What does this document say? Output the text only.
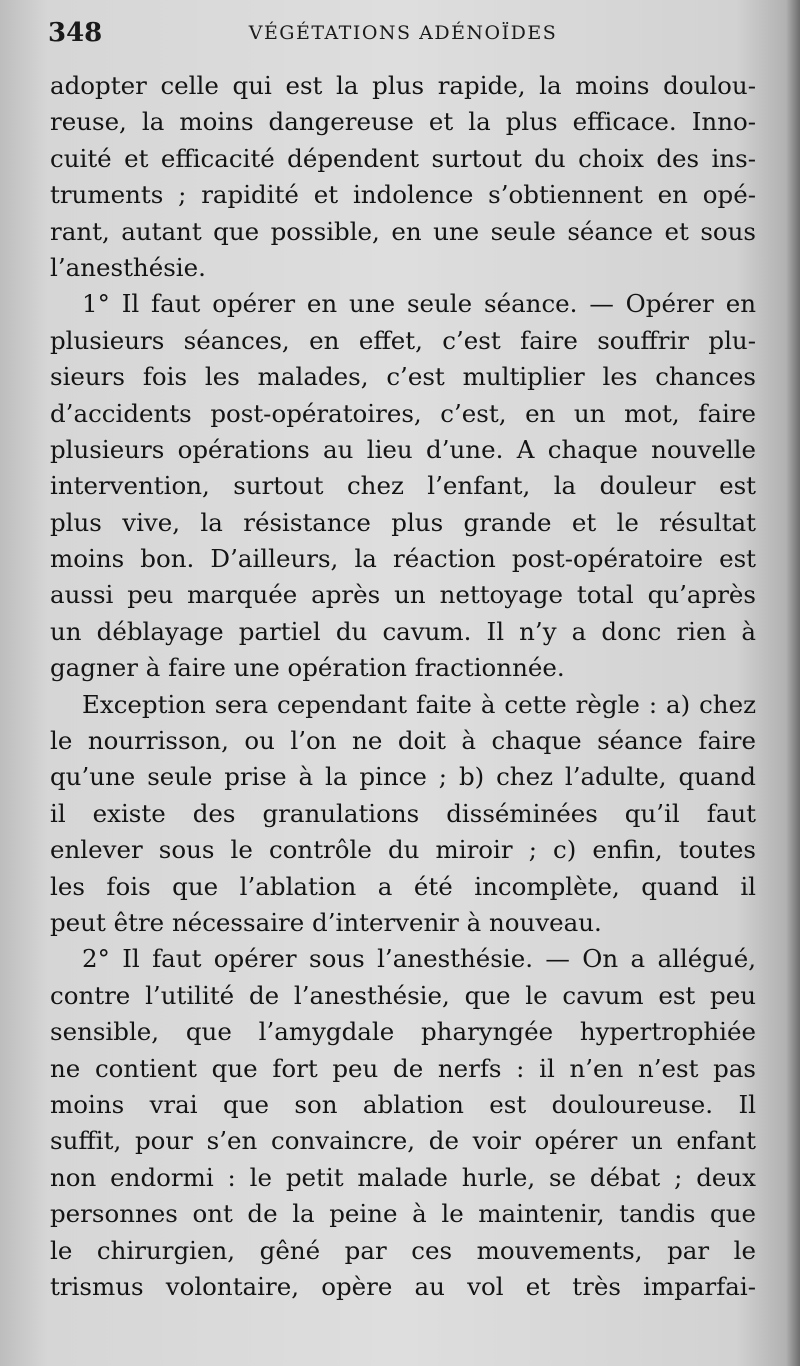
348	VÉGÉTATIONS ADÉNOÏDES
adopter celle qui est la plus rapide, la moins doulou-
reuse, la moins dangereuse et la plus efficace. Inno-
cuité et efficacité dépendent surtout du choix des ins-
truments ; rapidité et indolence s’obtiennent en opé-
rant, autant que possible, en une seule séance et sous
l’anesthésie.
1° Il faut opérer en une seule séance. — Opérer en
plusieurs séances, en effet, c’est faire souffrir plu-
sieurs fois les malades, c’est multiplier les chances
d’accidents post-opératoires, c’est, en un mot, faire
plusieurs opérations au lieu d’une. A chaque nouvelle
intervention, surtout chez l’enfant, la douleur est
plus vive, la résistance plus grande et le résultat
moins bon. D’ailleurs, la réaction post-opératoire est
aussi peu marquée après un nettoyage total qu’après
un déblayage partiel du cavum. Il n’y a donc rien à
gagner à faire une opération fractionnée.
Exception sera cependant faite à cette règle : a) chez
le nourrisson, ou l’on ne doit à chaque séance faire
qu’une seule prise à la pince ; b) chez l’adulte, quand
il existe des granulations disséminées qu’il faut
enlever sous le contrôle du miroir ; c) enfin, toutes
les fois que l’ablation a été incomplète, quand il
peut être nécessaire d’intervenir à nouveau.
2° Il faut opérer sous l’anesthésie. — On a allégué,
contre l’utilité de l’anesthésie, que le cavum est peu
sensible, que l’amygdale pharyngée hypertrophiée
ne contient que fort peu de nerfs : il n’en n’est pas
moins vrai que son ablation est douloureuse. Il
suffit, pour s’en convaincre, de voir opérer un enfant
non endormi : le petit malade hurle, se débat ; deux
personnes ont de la peine à le maintenir, tandis que
le chirurgien, gêné par ces mouvements, par le
trismus volontaire, opère au vol et très imparfai-
